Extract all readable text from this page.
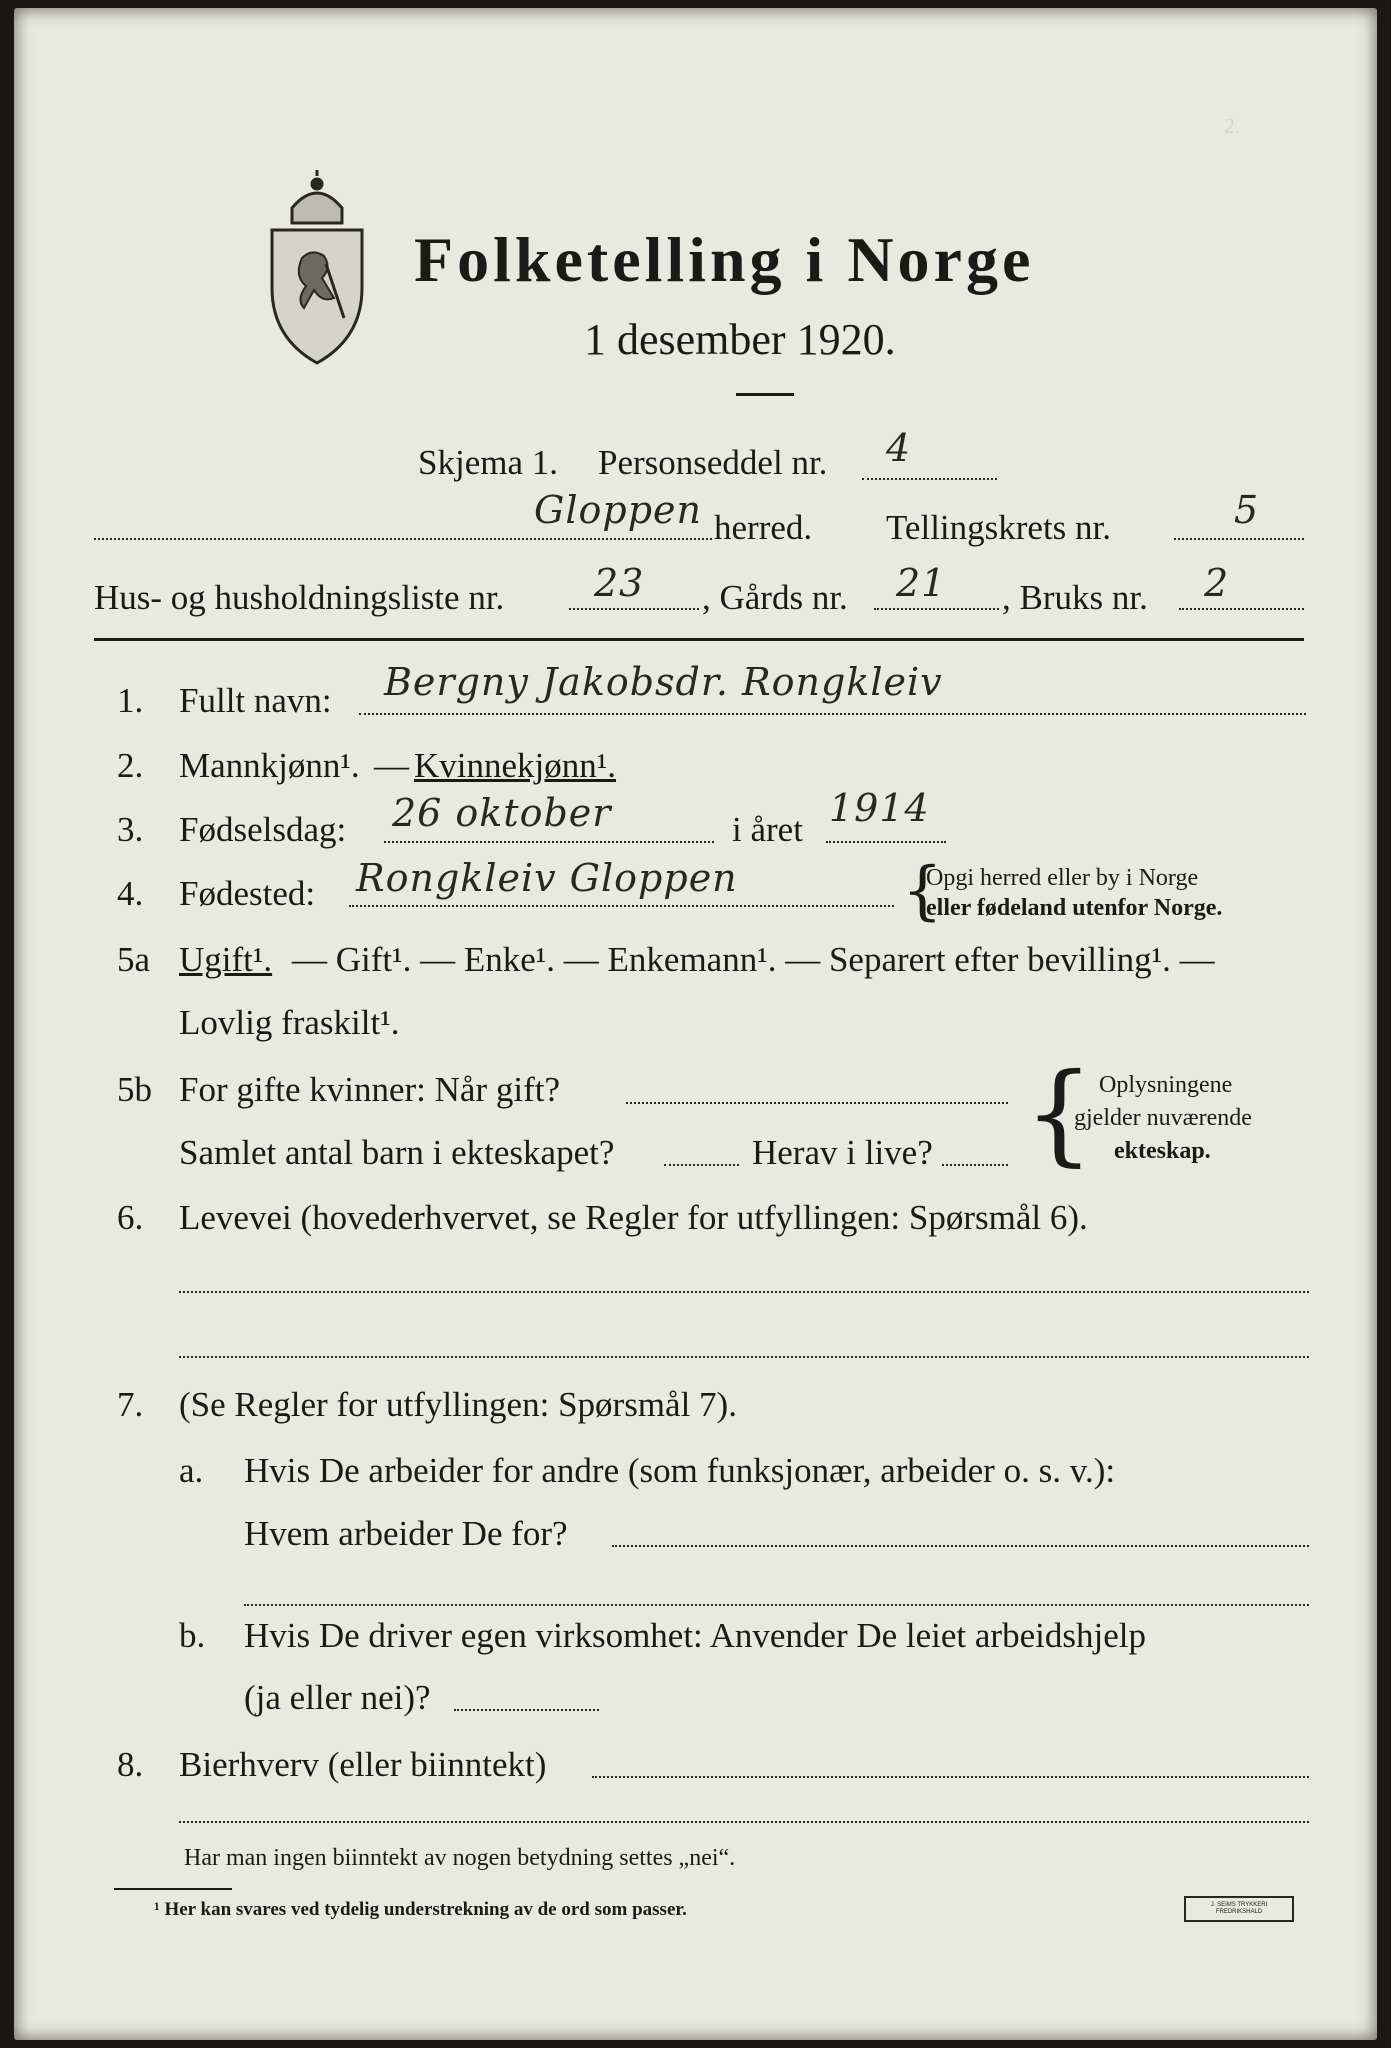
2.
Folketelling i Norge
1 desember 1920.
Skjema 1. Personseddel nr. 4
Gloppen herred. Tellingskrets nr.	5
Hus- og husholdningsliste nr. 23 , Gårds nr. 21 , Bruks nr. 2
1. Fullt navn: Bergny Jakobsdr. Rongkleiv
2. Mannkjønn¹. — Kvinnekjønn¹.
3. Fødselsdag: 26 oktober	i året 1914
4. Fødested: Rongkleiv Gloppen	{
Opgi herred eller by i Norge
eller fødeland utenfor Norge.
5a Ugift¹. — Gift¹. — Enke¹. — Enkemann¹. — Separert efter bevilling¹. —
Lovlig fraskilt¹.
5b For gifte kvinner: Når gift?
Samlet antal barn i ekteskapet?	Herav i live? { Oplysningene
gjelder nuværende
ekteskap.
6. Levevei (hovederhvervet, se Regler for utfyllingen: Spørsmål 6).
7. (Se Regler for utfyllingen: Spørsmål 7).
a. Hvis De arbeider for andre (som funksjonær, arbeider o. s. v.):
Hvem arbeider De for?
b. Hvis De driver egen virksomhet: Anvender De leiet arbeidshjelp
(ja eller nei)?
8. Bierhverv (eller biinntekt)
Har man ingen biinntekt av nogen betydning settes „nei“.
¹ Her kan svares ved tydelig understrekning av de ord som passer.	J. SEIMS TRYKKERI FREDRIKSHALD
